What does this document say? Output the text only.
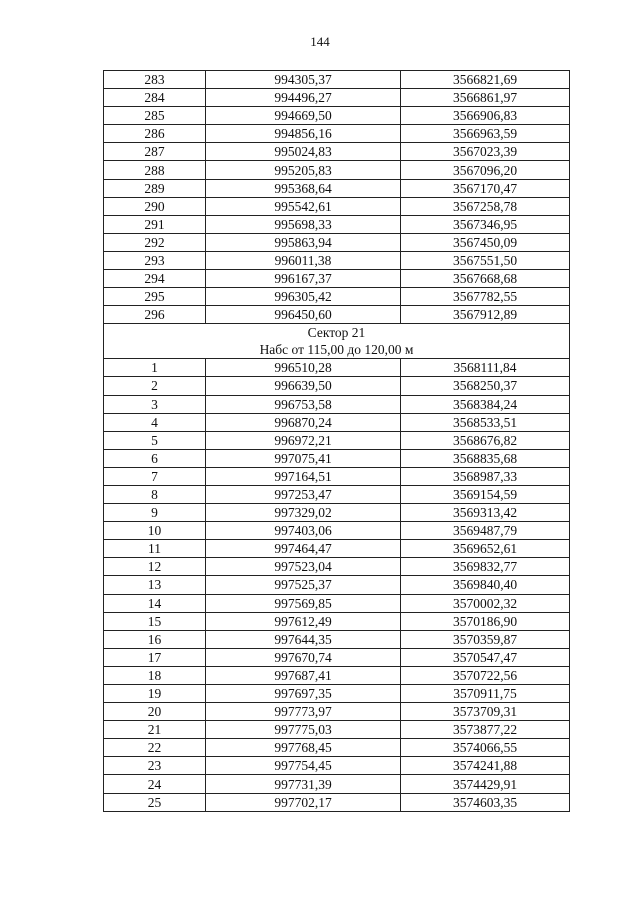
144
283	994305,37	3566821,69
284	994496,27	3566861,97
285	994669,50	3566906,83
286	994856,16	3566963,59
287	995024,83	3567023,39
288	995205,83	3567096,20
289	995368,64	3567170,47
290	995542,61	3567258,78
291	995698,33	3567346,95
292	995863,94	3567450,09
293	996011,38	3567551,50
294	996167,37	3567668,68
295	996305,42	3567782,55
296	996450,60	3567912,89

Сектор 21
Набс от 115,00 до 120,00 м		

1	996510,28	3568111,84
2	996639,50	3568250,37
3	996753,58	3568384,24
4	996870,24	3568533,51
5	996972,21	3568676,82
6	997075,41	3568835,68
7	997164,51	3568987,33
8	997253,47	3569154,59
9	997329,02	3569313,42
10	997403,06	3569487,79
11	997464,47	3569652,61
12	997523,04	3569832,77
13	997525,37	3569840,40
14	997569,85	3570002,32
15	997612,49	3570186,90
16	997644,35	3570359,87
17	997670,74	3570547,47
18	997687,41	3570722,56
19	997697,35	3570911,75
20	997773,97	3573709,31
21	997775,03	3573877,22
22	997768,45	3574066,55
23	997754,45	3574241,88
24	997731,39	3574429,91
25	997702,17	3574603,35
